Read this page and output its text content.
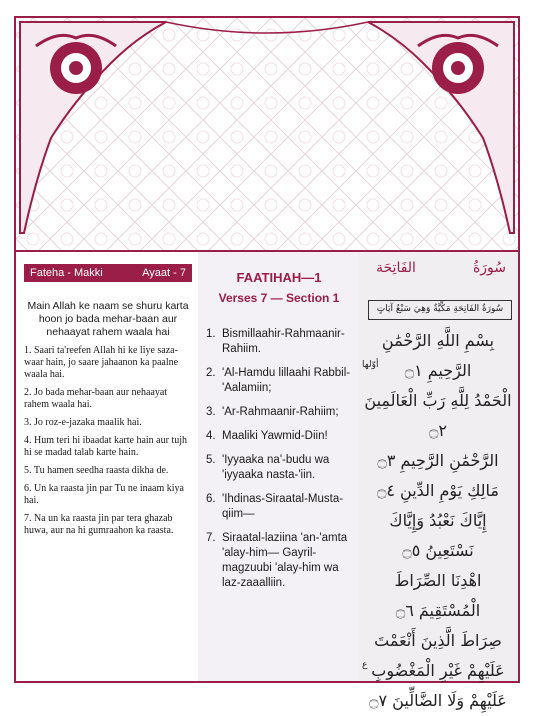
Fateha - Makki	Ayaat - 7
Main Allah ke naam se shuru karta hoon jo bada mehar-baan aur nehaayat rahem waala hai

1. Saari ta'reefen Allah hi ke liye saza-waar hain, jo saare jahaanon ka paalne waala hai.

2. Jo bada mehar-baan aur nehaayat rahem waala hai.

3. Jo roz-e-jazaka maalik hai.

4. Hum teri hi ibaadat karte hain aur tujh hi se madad talab karte hain.

5. Tu hamen seedha raasta dikha de.

6. Un ka raasta jin par Tu ne inaam kiya hai.

7. Na un ka raasta jin par tera ghazab huwa, aur na hi gumraahon ka raasta.

FAATIHAH—1
Verses 7 — Section 1
1. Bismillaahir-Rahmaanir-Rahiim.
2. 'Al-Hamdu lillaahi Rabbil- 'Aalamiin;
3. 'Ar-Rahmaanir-Rahiim;
4. Maaliki Yawmid-Diin!
5. 'Iyyaaka na'-budu wa 'iyyaaka nasta-'iin.
6. 'Ihdinas-Siraatal-Musta-qiim—
7. Siraatal-laziina 'an-'amta 'alay-him— Gayril-magzuubi 'alay-him wa laz-zaaalliin.
الفَاتِحَة	سُورَةُ
سُورَةُ الفَاتِحَةِ مَكِّيَّةٌ وَهِيَ سَبْعُ آيَاتٍ
بِسْمِ اللَّهِ الرَّحْمَٰنِ الرَّحِيمِ ۝١
الْحَمْدُ لِلَّهِ رَبِّ الْعَالَمِينَ ۝٢
الرَّحْمَٰنِ الرَّحِيمِ ۝٣
مَالِكِ يَوْمِ الدِّينِ ۝٤
إِيَّاكَ نَعْبُدُ وَإِيَّاكَ نَسْتَعِينُ ۝٥
اهْدِنَا الصِّرَاطَ الْمُسْتَقِيمَ ۝٦
صِرَاطَ الَّذِينَ أَنْعَمْتَ عَلَيْهِمْ غَيْرِ الْمَغْضُوبِ عَلَيْهِمْ وَلَا الضَّالِّينَ ۝٧
أوّلها
ع
